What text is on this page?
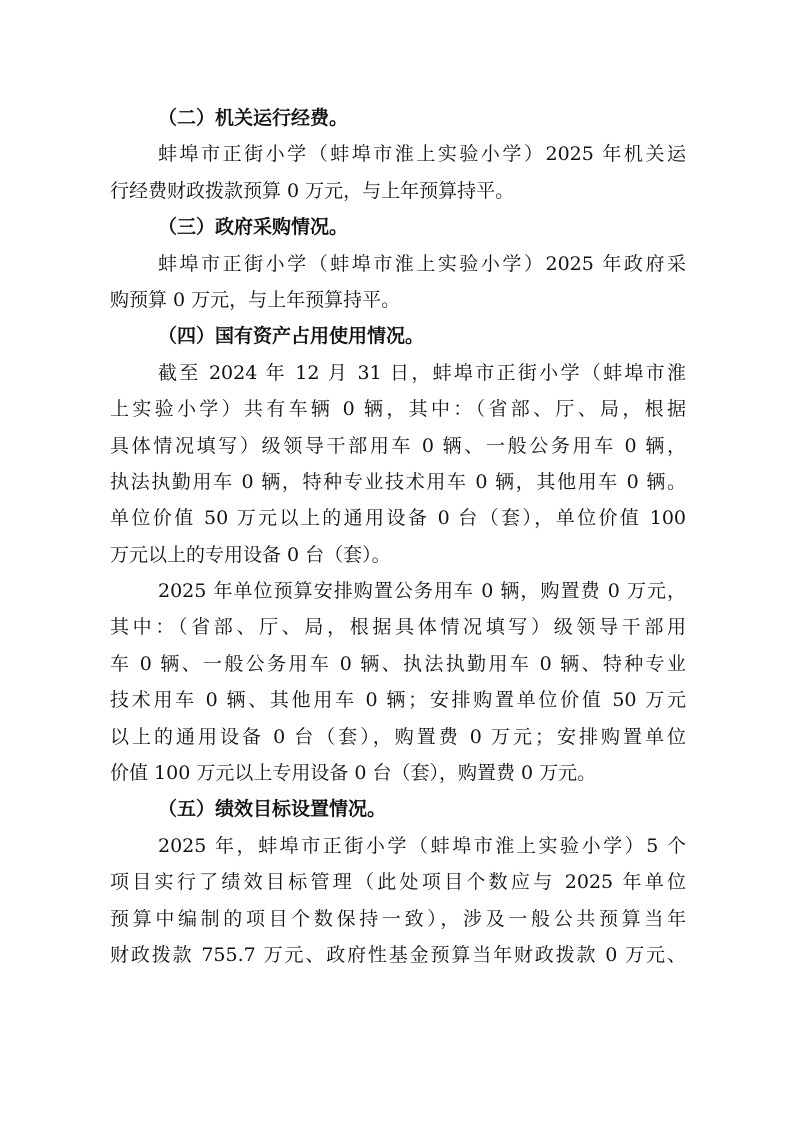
（二）机关运行经费。
蚌埠市正街小学（蚌埠市淮上实验小学）2025 年机关运
行经费财政拨款预算 0 万元，与上年预算持平。
（三）政府采购情况。
蚌埠市正街小学（蚌埠市淮上实验小学）2025 年政府采
购预算 0 万元，与上年预算持平。
（四）国有资产占用使用情况。
截至 2024 年 12 月 31 日，蚌埠市正街小学（蚌埠市淮
上实验小学）共有车辆 0 辆，其中：（省部、厅、局，根据
具体情况填写）级领导干部用车 0 辆、一般公务用车 0 辆，
执法执勤用车 0 辆，特种专业技术用车 0 辆，其他用车 0 辆。
单位价值 50 万元以上的通用设备 0 台（套），单位价值 100
万元以上的专用设备 0 台（套）。
2025 年单位预算安排购置公务用车 0 辆，购置费 0 万元，
其中：（省部、厅、局，根据具体情况填写）级领导干部用
车 0 辆、一般公务用车 0 辆、执法执勤用车 0 辆、特种专业
技术用车 0 辆、其他用车 0 辆；安排购置单位价值 50 万元
以上的通用设备 0 台（套），购置费 0 万元；安排购置单位
价值 100 万元以上专用设备 0 台（套），购置费 0 万元。
（五）绩效目标设置情况。
2025 年，蚌埠市正街小学（蚌埠市淮上实验小学）5 个
项目实行了绩效目标管理（此处项目个数应与 2025 年单位
预算中编制的项目个数保持一致），涉及一般公共预算当年
财政拨款 755.7 万元、政府性基金预算当年财政拨款 0 万元、
